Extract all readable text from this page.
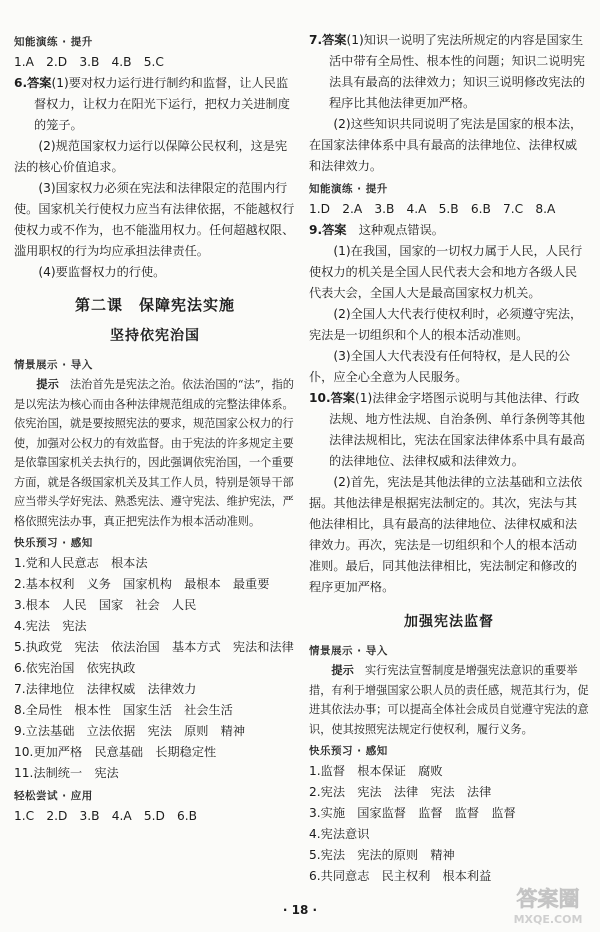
知能演练 · 提升

1.A　2.D　3.B　4.B　5.C

6.答案(1)要对权力运行进行制约和监督，让人民监督权力，让权力在阳光下运行，把权力关进制度的笼子。

(2)规范国家权力运行以保障公民权利，这是宪法的核心价值追求。

(3)国家权力必须在宪法和法律限定的范围内行使。国家机关行使权力应当有法律依据，不能越权行使权力或不作为，也不能滥用权力。任何超越权限、滥用职权的行为均应承担法律责任。

(4)要监督权力的行使。

第二课　保障宪法实施
坚持依宪治国
情景展示 · 导入

提示　 法治首先是宪法之治。依法治国的“法”，指的是以宪法为核心而由各种法律规范组成的完整法律体系。依宪治国，就是要按照宪法的要求，规范国家公权力的行使，加强对公权力的有效监督。由于宪法的许多规定主要是依靠国家机关去执行的，因此强调依宪治国，一个重要方面，就是各级国家机关及其工作人员，特别是领导干部应当带头学好宪法、熟悉宪法、遵守宪法、维护宪法，严格依照宪法办事，真正把宪法作为根本活动准则。

快乐预习 · 感知

1.党和人民意志　根本法

2.基本权利　义务　国家机构　最根本　最重要

3.根本　人民　国家　社会　人民

4.宪法　宪法

5.执政党　宪法　依法治国　基本方式　宪法和法律

6.依宪治国　依宪执政

7.法律地位　法律权威　法律效力

8.全局性　根本性　国家生活　社会生活

9.立法基础　立法依据　宪法　原则　精神

10.更加严格　民意基础　长期稳定性

11.法制统一　宪法

轻松尝试 · 应用

1.C　2.D　3.B　4.A　5.D　6.B

7.答案(1)知识一说明了宪法所规定的内容是国家生活中带有全局性、根本性的问题；知识二说明宪法具有最高的法律效力；知识三说明修改宪法的程序比其他法律更加严格。

(2)这些知识共同说明了宪法是国家的根本法，在国家法律体系中具有最高的法律地位、法律权威和法律效力。

知能演练 · 提升

1.D　2.A　3.B　4.A　5.B　6.B　7.C　8.A

9.答案　 这种观点错误。

(1)在我国，国家的一切权力属于人民，人民行使权力的机关是全国人民代表大会和地方各级人民代表大会，全国人大是最高国家权力机关。

(2)全国人大代表行使权利时，必须遵守宪法，宪法是一切组织和个人的根本活动准则。

(3)全国人大代表没有任何特权，是人民的公仆，应全心全意为人民服务。

10.答案(1)法律金字塔图示说明与其他法律、行政法规、地方性法规、自治条例、单行条例等其他法律法规相比，宪法在国家法律体系中具有最高的法律地位、法律权威和法律效力。

(2)首先，宪法是其他法律的立法基础和立法依据。其他法律是根据宪法制定的。其次，宪法与其他法律相比，具有最高的法律地位、法律权威和法律效力。再次，宪法是一切组织和个人的根本活动准则。最后，同其他法律相比，宪法制定和修改的程序更加严格。

加强宪法监督
情景展示 · 导入

提示　 实行宪法宣誓制度是增强宪法意识的重要举措，有利于增强国家公职人员的责任感，规范其行为，促进其依法办事；可以提高全体社会成员自觉遵守宪法的意识，使其按照宪法规定行使权利，履行义务。

快乐预习 · 感知

1.监督　根本保证　腐败

2.宪法　宪法　法律　宪法　法律

3.实施　国家监督　监督　监督　监督

4.宪法意识

5.宪法　宪法的原则　精神

6.共同意志　民主权利　根本利益

· 18 ·	答案圈
MXQE.COM
